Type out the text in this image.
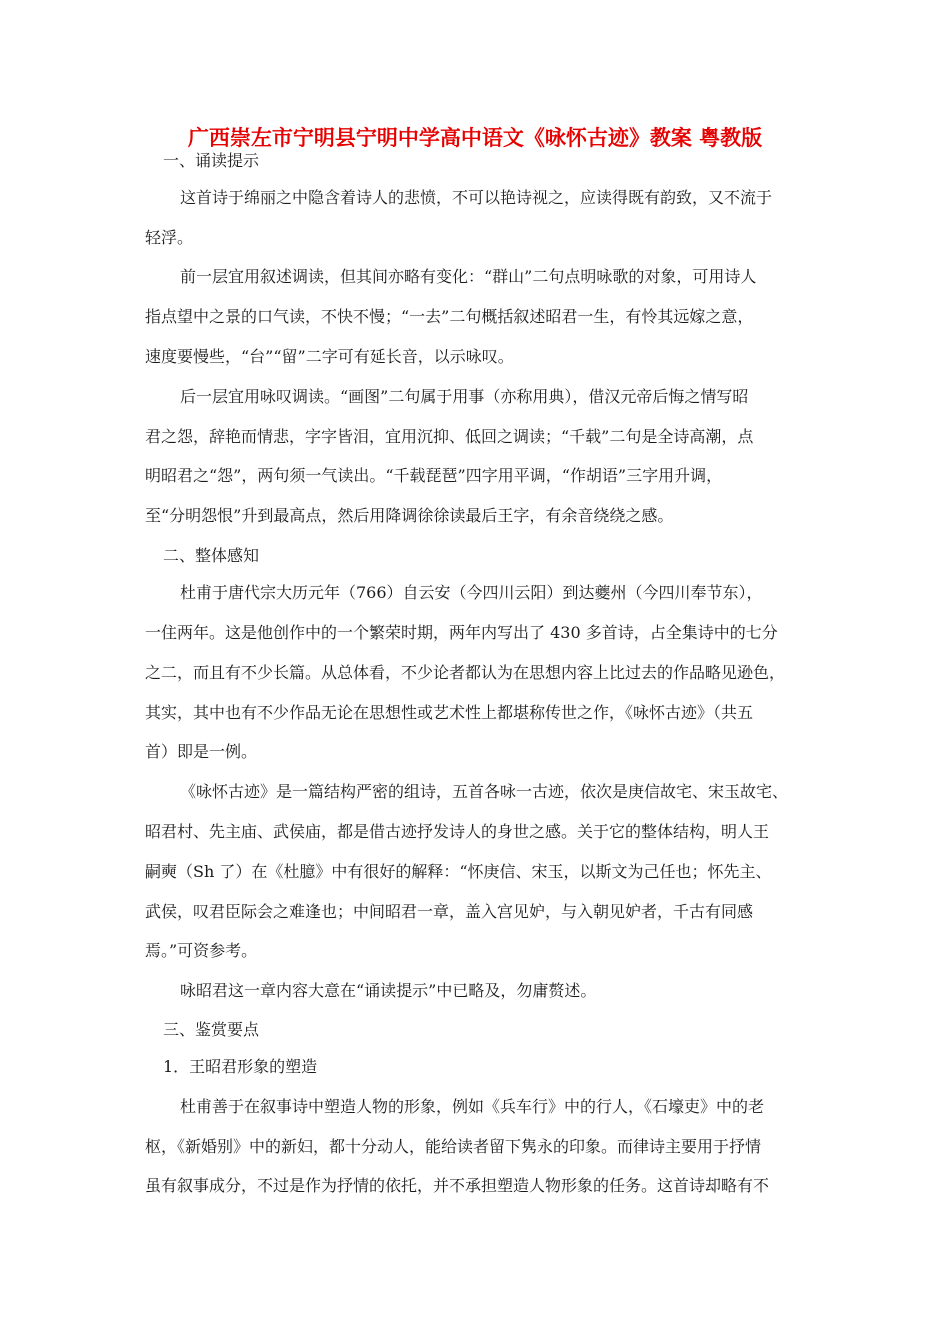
广西崇左市宁明县宁明中学高中语文《咏怀古迹》教案 粤教版
一、诵读提示
这首诗于绵丽之中隐含着诗人的悲愤，不可以艳诗视之，应读得既有韵致，又不流于
轻浮。
前一层宜用叙述调读，但其间亦略有变化：“群山”二句点明咏歌的对象，可用诗人
指点望中之景的口气读，不快不慢；“一去”二句概括叙述昭君一生，有怜其远嫁之意，
速度要慢些，“台”“留”二字可有延长音，以示咏叹。
后一层宜用咏叹调读。“画图”二句属于用事（亦称用典），借汉元帝后悔之情写昭
君之怨，辞艳而情悲，字字皆泪，宜用沉抑、低回之调读；“千载”二句是全诗高潮，点
明昭君之“怨”，两句须一气读出。“千载琵琶”四字用平调，“作胡语”三字用升调，
至“分明怨恨”升到最高点，然后用降调徐徐读最后王字，有余音绕绕之感。
二、整体感知
杜甫于唐代宗大历元年（766）自云安（今四川云阳）到达夔州（今四川奉节东），
一住两年。这是他创作中的一个繁荣时期，两年内写出了 430 多首诗，占全集诗中的七分
之二，而且有不少长篇。从总体看，不少论者都认为在思想内容上比过去的作品略见逊色，
其实，其中也有不少作品无论在思想性或艺术性上都堪称传世之作，《咏怀古迹》（共五
首）即是一例。
《咏怀古迹》是一篇结构严密的组诗，五首各咏一古迹，依次是庚信故宅、宋玉故宅、
昭君村、先主庙、武侯庙，都是借古迹抒发诗人的身世之感。关于它的整体结构，明人王
嗣奭（Sh 了）在《杜臆》中有很好的解释：“怀庚信、宋玉，以斯文为己任也；怀先主、
武侯，叹君臣际会之难逢也；中间昭君一章，盖入宫见妒，与入朝见妒者，千古有同感
焉。”可资参考。
咏昭君这一章内容大意在“诵读提示”中已略及，勿庸赘述。
三、鉴赏要点
1．王昭君形象的塑造
杜甫善于在叙事诗中塑造人物的形象，例如《兵车行》中的行人，《石壕吏》中的老
枢，《新婚别》中的新妇，都十分动人，能给读者留下隽永的印象。而律诗主要用于抒情
虽有叙事成分，不过是作为抒情的依托，并不承担塑造人物形象的任务。这首诗却略有不
